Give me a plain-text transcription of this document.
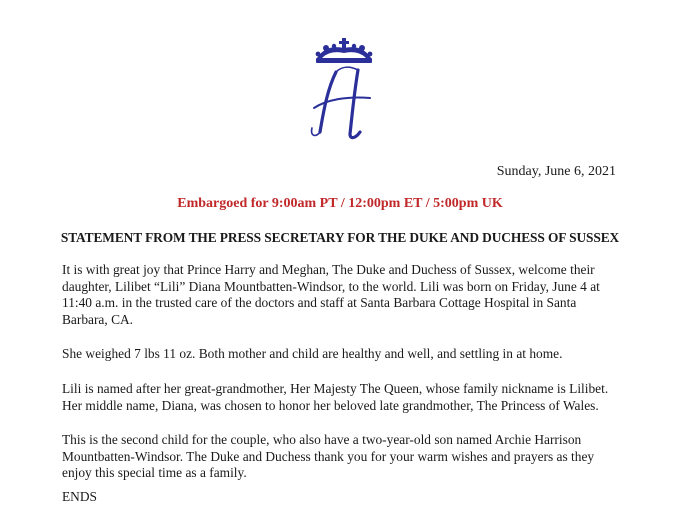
Sunday, June 6, 2021
Embargoed for 9:00am PT / 12:00pm ET / 5:00pm UK
STATEMENT FROM THE PRESS SECRETARY FOR THE DUKE AND DUCHESS OF SUSSEX

It is with great joy that Prince Harry and Meghan, The Duke and Duchess of Sussex, welcome their
daughter, Lilibet “Lili” Diana Mountbatten-Windsor, to the world. Lili was born on Friday, June 4 at
11:40 a.m. in the trusted care of the doctors and staff at Santa Barbara Cottage Hospital in Santa
Barbara, CA.

She weighed 7 lbs 11 oz. Both mother and child are healthy and well, and settling in at home.

Lili is named after her great-grandmother, Her Majesty The Queen, whose family nickname is Lilibet.
Her middle name, Diana, was chosen to honor her beloved late grandmother, The Princess of Wales.

This is the second child for the couple, who also have a two-year-old son named Archie Harrison
Mountbatten-Windsor. The Duke and Duchess thank you for your warm wishes and prayers as they
enjoy this special time as a family.

ENDS
